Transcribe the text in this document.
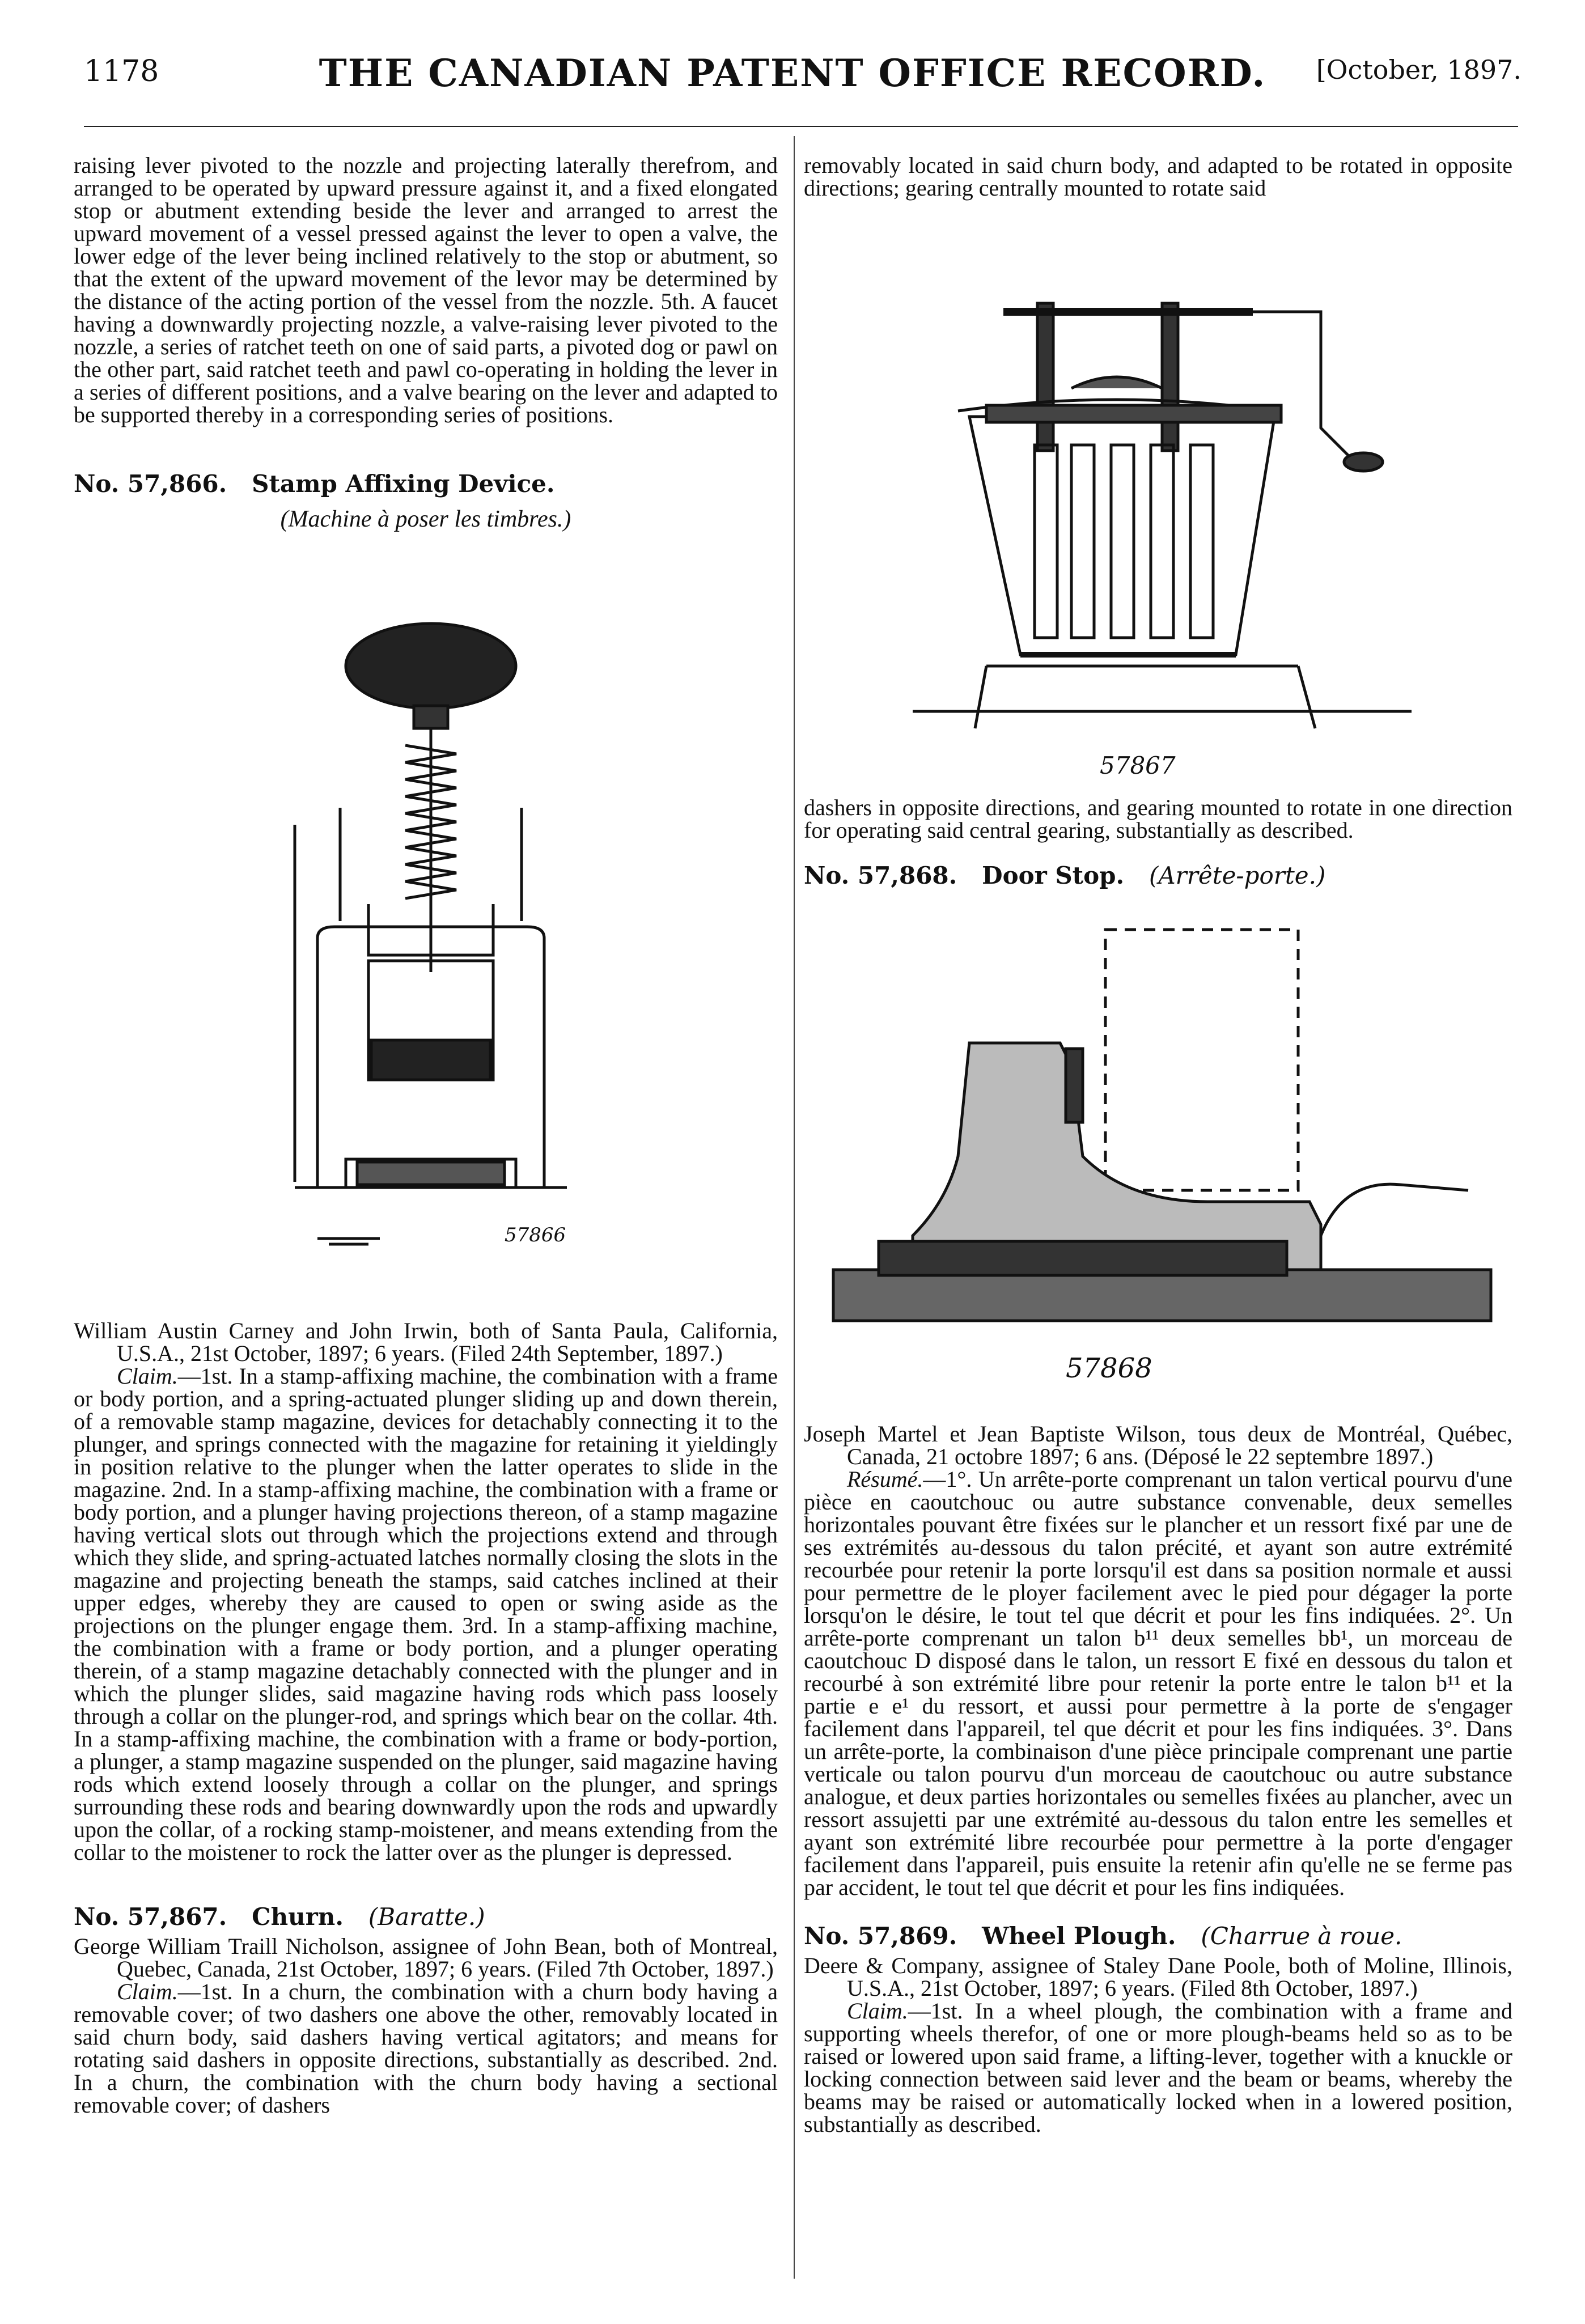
1178	THE CANADIAN PATENT OFFICE RECORD.	[October, 1897.

raising lever pivoted to the nozzle and projecting laterally therefrom, and arranged to be operated by upward pressure against it, and a fixed elongated stop or abutment extending beside the lever and arranged to arrest the upward movement of a vessel pressed against the lever to open a valve, the lower edge of the lever being inclined relatively to the stop or abutment, so that the extent of the upward movement of the levor may be determined by the distance of the acting portion of the vessel from the nozzle. 5th. A faucet having a downwardly projecting nozzle, a valve-raising lever pivoted to the nozzle, a series of ratchet teeth on one of said parts, a pivoted dog or pawl on the other part, said ratchet teeth and pawl co-operating in holding the lever in a series of different positions, and a valve bearing on the lever and adapted to be supported thereby in a corresponding series of positions.

No. 57,866. Stamp Affixing Device.

(Machine à poser les timbres.)

57866

William Austin Carney and John Irwin, both of Santa Paula, California, U.S.A., 21st October, 1897; 6 years. (Filed 24th September, 1897.)

Claim.—1st. In a stamp-affixing machine, the combination with a frame or body portion, and a spring-actuated plunger sliding up and down therein, of a removable stamp magazine, devices for detachably connecting it to the plunger, and springs connected with the magazine for retaining it yieldingly in position relative to the plunger when the latter operates to slide in the magazine. 2nd. In a stamp-affixing machine, the combination with a frame or body portion, and a plunger having projections thereon, of a stamp magazine having vertical slots out through which the projections extend and through which they slide, and spring-actuated latches normally closing the slots in the magazine and projecting beneath the stamps, said catches inclined at their upper edges, whereby they are caused to open or swing aside as the projections on the plunger engage them. 3rd. In a stamp-affixing machine, the combination with a frame or body portion, and a plunger operating therein, of a stamp magazine detachably connected with the plunger and in which the plunger slides, said magazine having rods which pass loosely through a collar on the plunger-rod, and springs which bear on the collar. 4th. In a stamp-affixing machine, the combination with a frame or body-portion, a plunger, a stamp magazine suspended on the plunger, said magazine having rods which extend loosely through a collar on the plunger, and springs surrounding these rods and bearing downwardly upon the rods and upwardly upon the collar, of a rocking stamp-moistener, and means extending from the collar to the moistener to rock the latter over as the plunger is depressed.

No. 57,867. Churn. (Baratte.)

George William Traill Nicholson, assignee of John Bean, both of Montreal, Quebec, Canada, 21st October, 1897; 6 years. (Filed 7th October, 1897.)

Claim.—1st. In a churn, the combination with a churn body having a removable cover; of two dashers one above the other, removably located in said churn body, said dashers having vertical agitators; and means for rotating said dashers in opposite directions, substantially as described. 2nd. In a churn, the combination with the churn body having a sectional removable cover; of dashers

removably located in said churn body, and adapted to be rotated in opposite directions; gearing centrally mounted to rotate said

57867

dashers in opposite directions, and gearing mounted to rotate in one direction for operating said central gearing, substantially as described.

No. 57,868. Door Stop. (Arrête-porte.)

57868

Joseph Martel et Jean Baptiste Wilson, tous deux de Montréal, Québec, Canada, 21 octobre 1897; 6 ans. (Déposé le 22 septembre 1897.)

Résumé.—1°. Un arrête-porte comprenant un talon vertical pourvu d'une pièce en caoutchouc ou autre substance convenable, deux semelles horizontales pouvant être fixées sur le plancher et un ressort fixé par une de ses extrémités au-dessous du talon précité, et ayant son autre extrémité recourbée pour retenir la porte lorsqu'il est dans sa position normale et aussi pour permettre de le ployer facilement avec le pied pour dégager la porte lorsqu'on le désire, le tout tel que décrit et pour les fins indiquées. 2°. Un arrête-porte comprenant un talon b¹¹ deux semelles bb¹, un morceau de caoutchouc D disposé dans le talon, un ressort E fixé en dessous du talon et recourbé à son extrémité libre pour retenir la porte entre le talon b¹¹ et la partie e e¹ du ressort, et aussi pour permettre à la porte de s'engager facilement dans l'appareil, tel que décrit et pour les fins indiquées. 3°. Dans un arrête-porte, la combinaison d'une pièce principale comprenant une partie verticale ou talon pourvu d'un morceau de caoutchouc ou autre substance analogue, et deux parties horizontales ou semelles fixées au plancher, avec un ressort assujetti par une extrémité au-dessous du talon entre les semelles et ayant son extrémité libre recourbée pour permettre à la porte d'engager facilement dans l'appareil, puis ensuite la retenir afin qu'elle ne se ferme pas par accident, le tout tel que décrit et pour les fins indiquées.

No. 57,869. Wheel Plough. (Charrue à roue.

Deere & Company, assignee of Staley Dane Poole, both of Moline, Illinois, U.S.A., 21st October, 1897; 6 years. (Filed 8th October, 1897.)

Claim.—1st. In a wheel plough, the combination with a frame and supporting wheels therefor, of one or more plough-beams held so as to be raised or lowered upon said frame, a lifting-lever, together with a knuckle or locking connection between said lever and the beam or beams, whereby the beams may be raised or automatically locked when in a lowered position, substantially as described.
